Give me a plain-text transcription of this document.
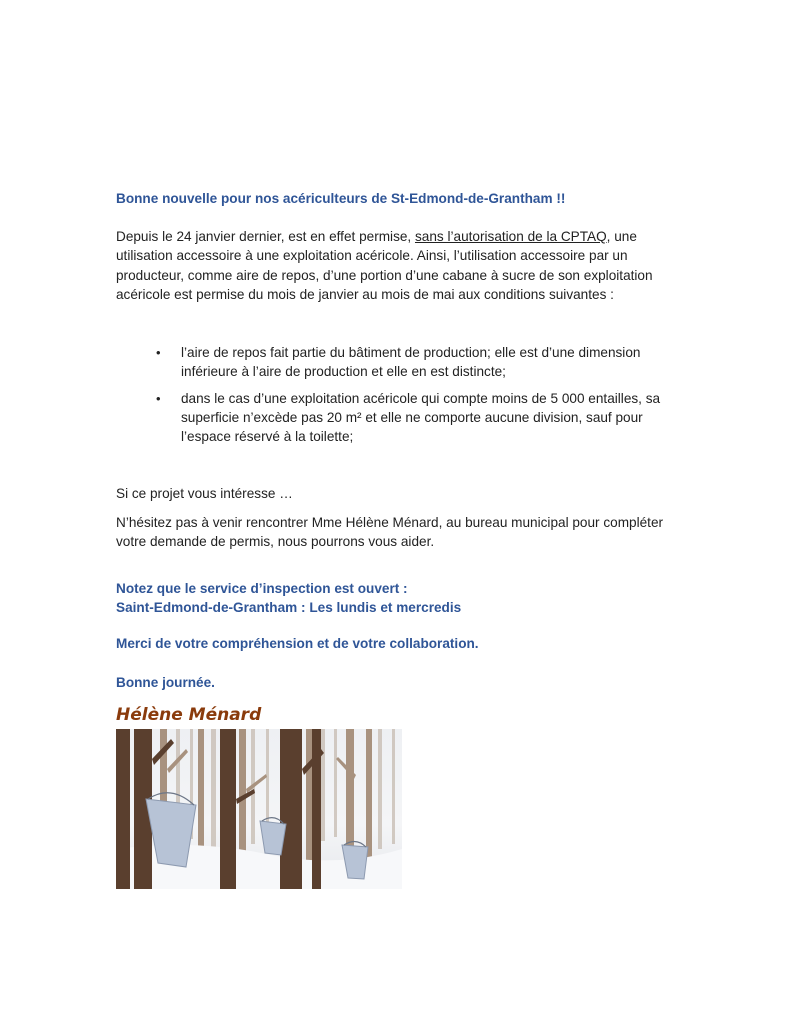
Bonne nouvelle pour nos acériculteurs de St-Edmond-de-Grantham !!
Depuis le 24 janvier dernier, est en effet permise, sans l’autorisation de la CPTAQ, une utilisation accessoire à une exploitation acéricole. Ainsi, l’utilisation accessoire par un producteur, comme aire de repos, d’une portion d’une cabane à sucre de son exploitation acéricole est permise du mois de janvier au mois de mai aux conditions suivantes :
• l’aire de repos fait partie du bâtiment de production; elle est d’une dimension inférieure à l’aire de production et elle en est distincte;
• dans le cas d’une exploitation acéricole qui compte moins de 5 000 entailles, sa superficie n’excède pas 20 m² et elle ne comporte aucune division, sauf pour l’espace réservé à la toilette;
Si ce projet vous intéresse …
N’hésitez pas à venir rencontrer Mme Hélène Ménard, au bureau municipal pour compléter votre demande de permis, nous pourrons vous aider.
Notez que le service d’inspection est ouvert :
Saint-Edmond-de-Grantham : Les lundis et mercredis
Merci de votre compréhension et de votre collaboration.
Bonne journée.
Hélène Ménard
